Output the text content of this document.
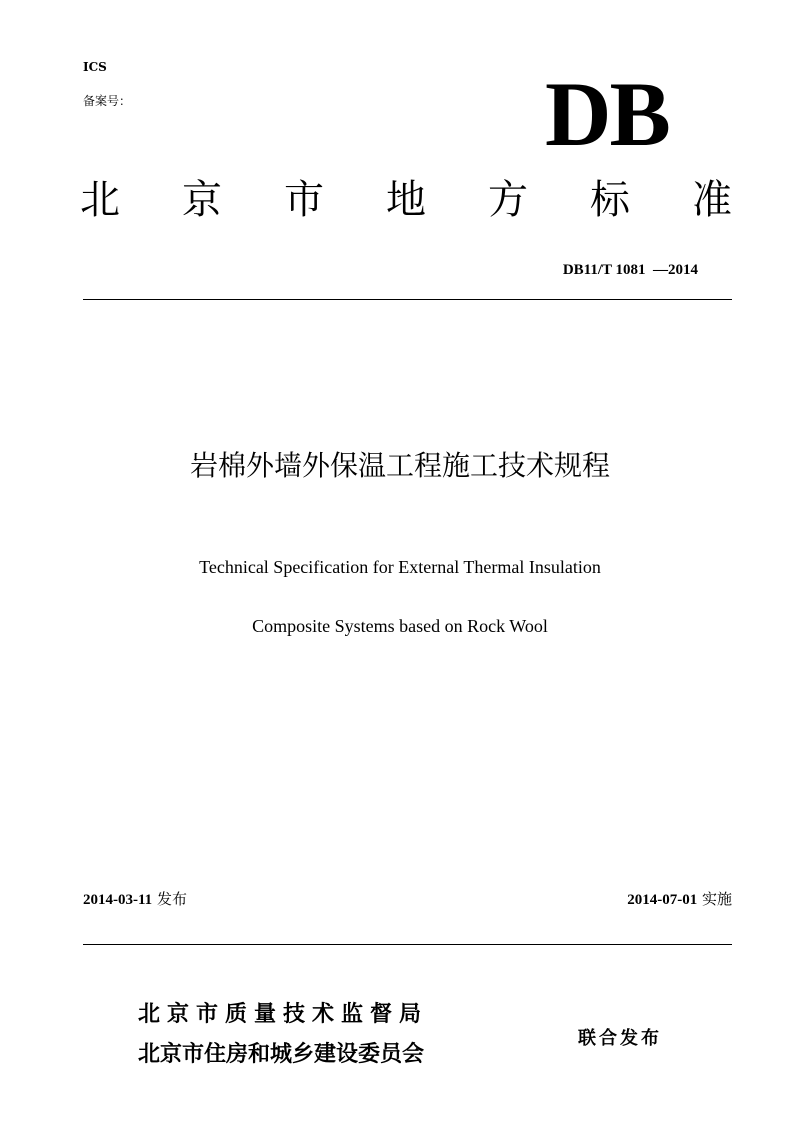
ICS
备案号：	DB
北 京 市 地 方 标 准
DB11/T 1081  —2014
岩棉外墙外保温工程施工技术规程
Technical Specification for External Thermal Insulation
Composite Systems based on Rock Wool
2014-03-11 发布	2014-07-01 实施
北京市质量技术监督局
北京市住房和城乡建设委员会
联合发布
